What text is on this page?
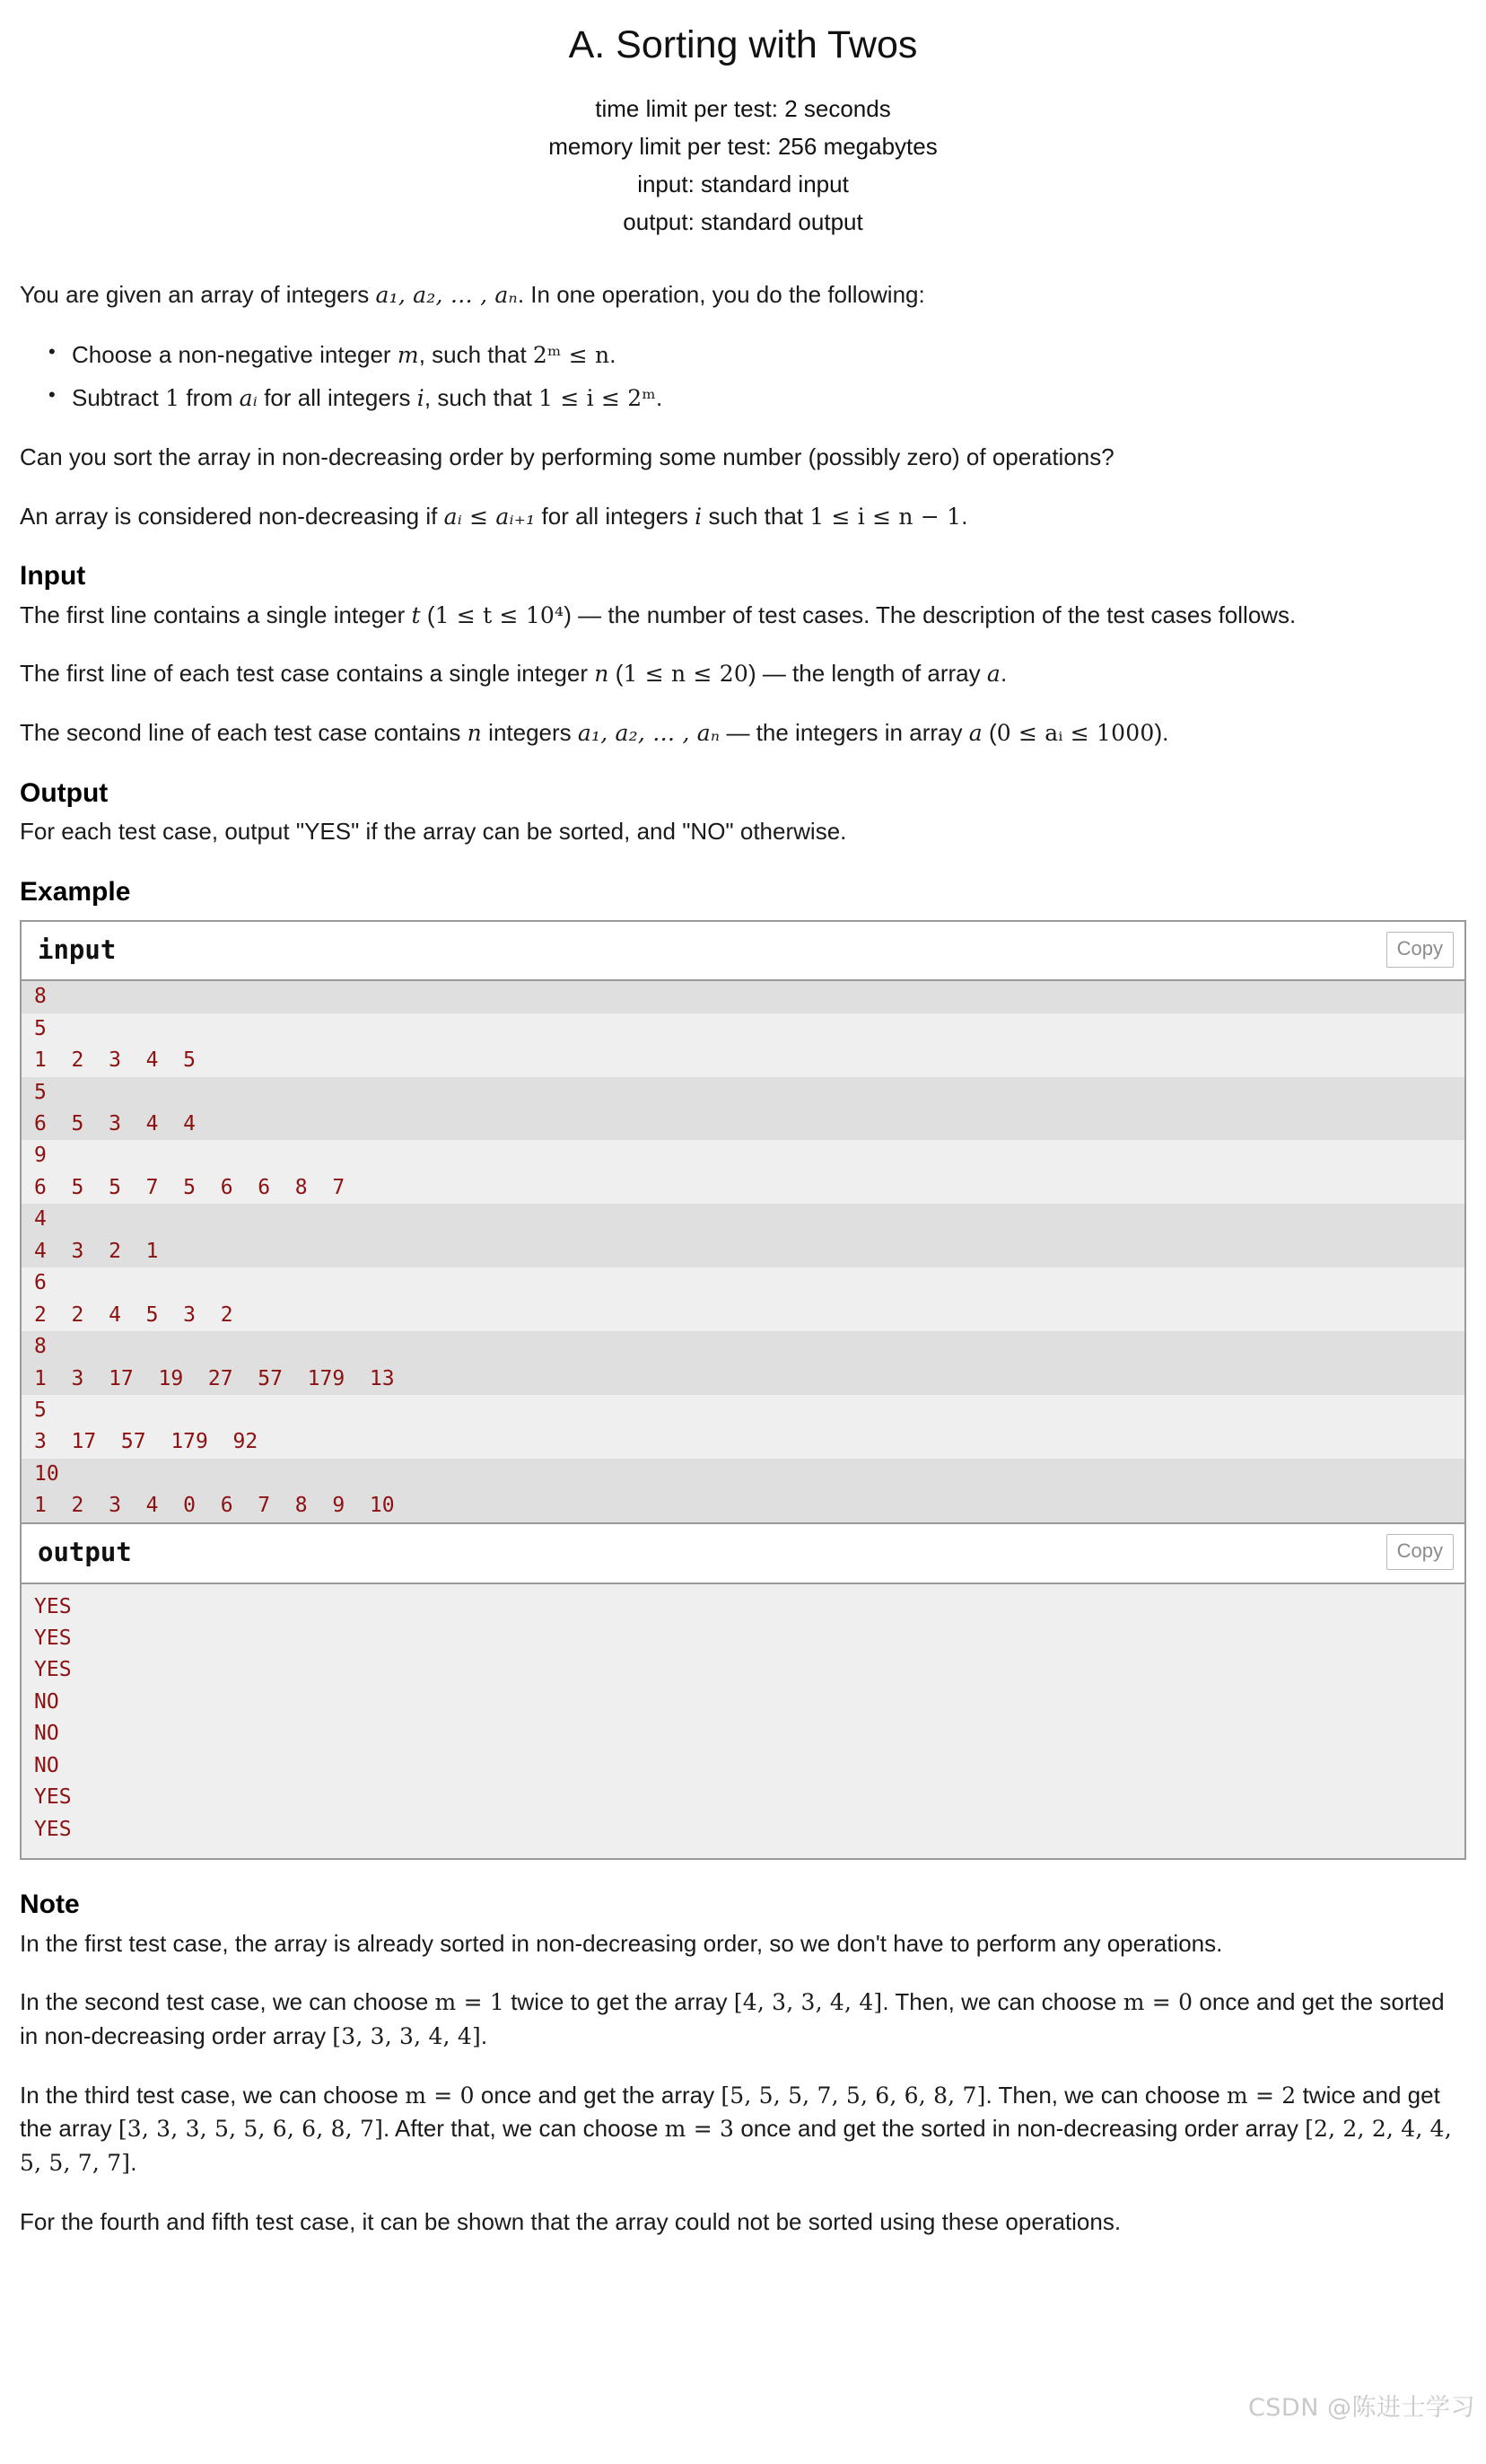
A. Sorting with Twos

time limit per test: 2 seconds

memory limit per test: 256 megabytes

input: standard input

output: standard output

You are given an array of integers a₁, a₂, … , aₙ. In one operation, you do the following:

• Choose a non-negative integer m, such that 2ᵐ ≤ n.
• Subtract 1 from aᵢ for all integers i, such that 1 ≤ i ≤ 2ᵐ.

Can you sort the array in non-decreasing order by performing some number (possibly zero) of operations?

An array is considered non-decreasing if aᵢ ≤ aᵢ₊₁ for all integers i such that 1 ≤ i ≤ n − 1.

Input

The first line contains a single integer t (1 ≤ t ≤ 10⁴) — the number of test cases. The description of the test cases follows.

The first line of each test case contains a single integer n (1 ≤ n ≤ 20) — the length of array a.

The second line of each test case contains n integers a₁, a₂, … , aₙ — the integers in array a (0 ≤ aᵢ ≤ 1000).

Output

For each test case, output "YES" if the array can be sorted, and "NO" otherwise.

Example
input	Copy
8
5
1  2  3  4  5
5
6  5  3  4  4
9
6  5  5  7  5  6  6  8  7
4
4  3  2  1
6
2  2  4  5  3  2
8
1  3  17  19  27  57  179  13
5
3  17  57  179  92
10
1  2  3  4  0  6  7  8  9  10
output	Copy
YES
YES
YES
NO
NO
NO
YES
YES
Note

In the first test case, the array is already sorted in non-decreasing order, so we don't have to perform any operations.

In the second test case, we can choose m = 1 twice to get the array [4, 3, 3, 4, 4]. Then, we can choose m = 0 once and get the sorted in non-decreasing order array [3, 3, 3, 4, 4].

In the third test case, we can choose m = 0 once and get the array [5, 5, 5, 7, 5, 6, 6, 8, 7]. Then, we can choose m = 2 twice and get the array [3, 3, 3, 5, 5, 6, 6, 8, 7]. After that, we can choose m = 3 once and get the sorted in non-decreasing order array [2, 2, 2, 4, 4, 5, 5, 7, 7].

For the fourth and fifth test case, it can be shown that the array could not be sorted using these operations.

CSDN @陈进士学习
